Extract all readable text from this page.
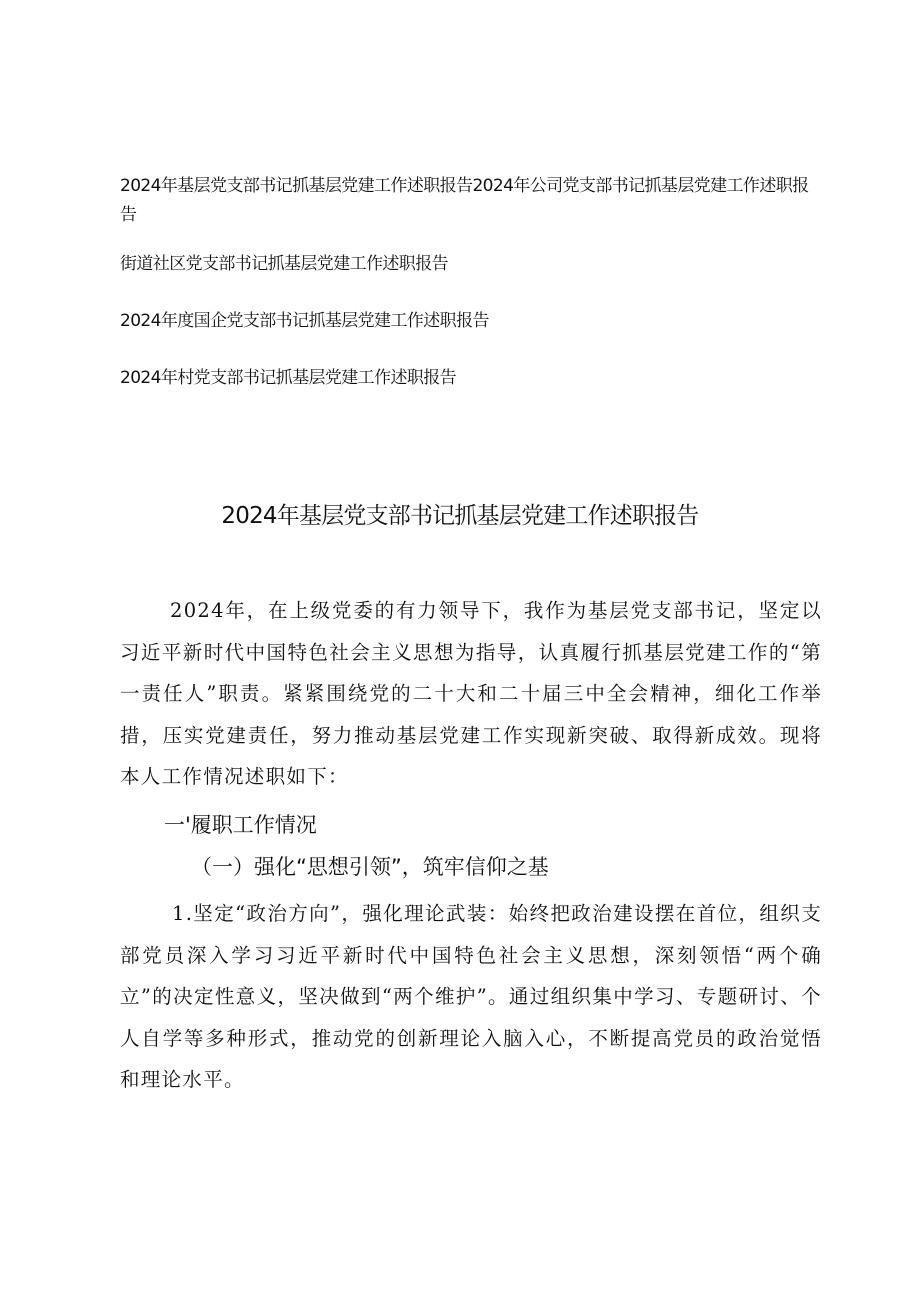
2024年基层党支部书记抓基层党建工作述职报告2024年公司党支部书记抓基层党建工作述职报告
街道社区党支部书记抓基层党建工作述职报告
2024年度国企党支部书记抓基层党建工作述职报告
2024年村党支部书记抓基层党建工作述职报告
2024年基层党支部书记抓基层党建工作述职报告
2024年，在上级党委的有力领导下，我作为基层党支部书记，坚定以习近平新时代中国特色社会主义思想为指导，认真履行抓基层党建工作的“第一责任人”职责。紧紧围绕党的二十大和二十届三中全会精神，细化工作举措，压实党建责任，努力推动基层党建工作实现新突破、取得新成效。现将本人工作情况述职如下：
一'履职工作情况
（一）强化“思想引领”，筑牢信仰之基
1.坚定“政治方向”，强化理论武装：始终把政治建设摆在首位，组织支部党员深入学习习近平新时代中国特色社会主义思想，深刻领悟“两个确立”的决定性意义，坚决做到“两个维护”。通过组织集中学习、专题研讨、个人自学等多种形式，推动党的创新理论入脑入心，不断提高党员的政治觉悟和理论水平。
